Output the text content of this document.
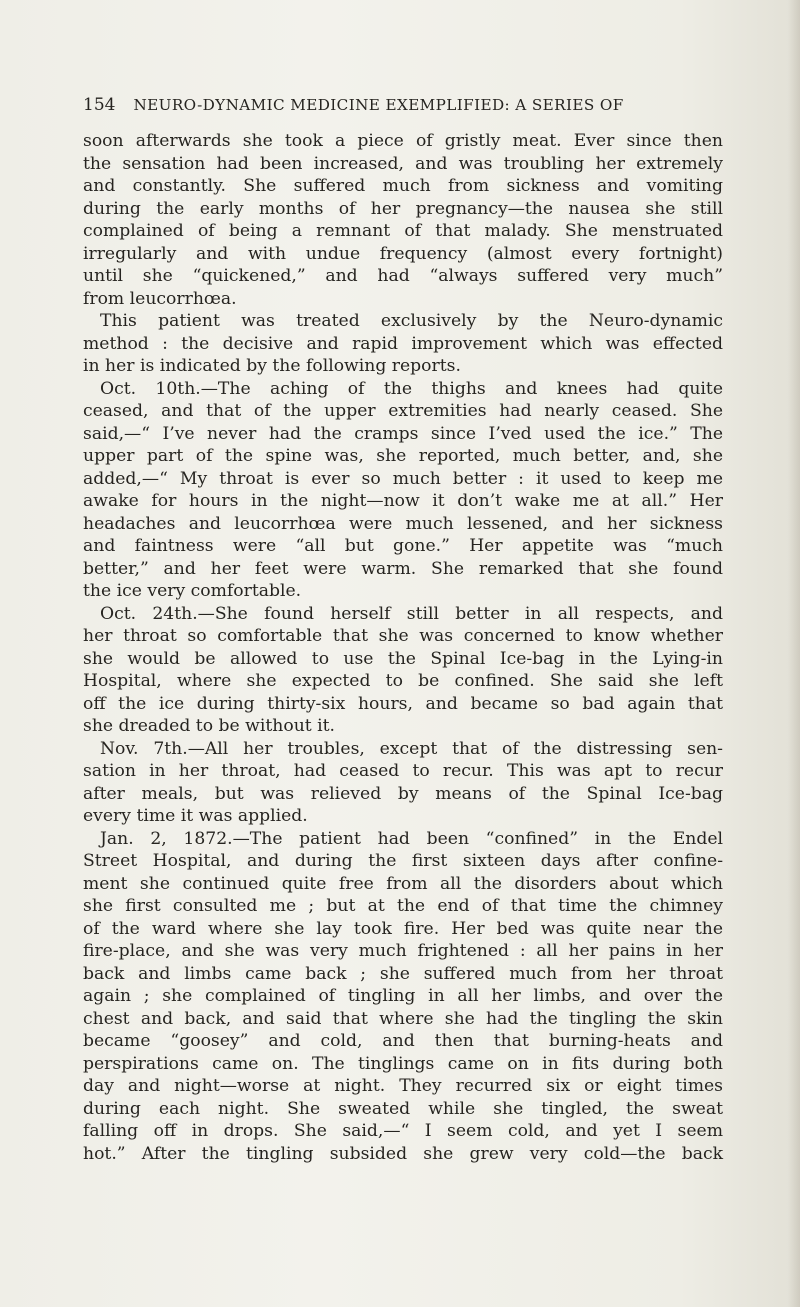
154 NEURO-DYNAMIC MEDICINE EXEMPLIFIED: A SERIES OF

soon afterwards she took a piece of gristly meat. Ever since then

the sensation had been increased, and was troubling her extremely

and constantly. She suffered much from sickness and vomiting

during the early months of her pregnancy—the nausea she still

complained of being a remnant of that malady. She menstruated

irregularly and with undue frequency (almost every fortnight)

until she “quickened,” and had “always suffered very much”

from leucorrhœa.

This patient was treated exclusively by the Neuro-dynamic

method : the decisive and rapid improvement which was effected

in her is indicated by the following reports.

Oct. 10th.—The aching of the thighs and knees had quite

ceased, and that of the upper extremities had nearly ceased. She

said,—“ I’ve never had the cramps since I’ved used the ice.” The

upper part of the spine was, she reported, much better, and, she

added,—“ My throat is ever so much better : it used to keep me

awake for hours in the night—now it don’t wake me at all.” Her

headaches and leucorrhœa were much lessened, and her sickness

and faintness were “all but gone.” Her appetite was “much

better,” and her feet were warm. She remarked that she found

the ice very comfortable.

Oct. 24th.—She found herself still better in all respects, and

her throat so comfortable that she was concerned to know whether

she would be allowed to use the Spinal Ice-bag in the Lying-in

Hospital, where she expected to be confined. She said she left

off the ice during thirty-six hours, and became so bad again that

she dreaded to be without it.

Nov. 7th.—All her troubles, except that of the distressing sen-

sation in her throat, had ceased to recur. This was apt to recur

after meals, but was relieved by means of the Spinal Ice-bag

every time it was applied.

Jan. 2, 1872.—The patient had been “confined” in the Endel

Street Hospital, and during the first sixteen days after confine-

ment she continued quite free from all the disorders about which

she first consulted me ; but at the end of that time the chimney

of the ward where she lay took fire. Her bed was quite near the

fire-place, and she was very much frightened : all her pains in her

back and limbs came back ; she suffered much from her throat

again ; she complained of tingling in all her limbs, and over the

chest and back, and said that where she had the tingling the skin

became “goosey” and cold, and then that burning-heats and

perspirations came on. The tinglings came on in fits during both

day and night—worse at night. They recurred six or eight times

during each night. She sweated while she tingled, the sweat

falling off in drops. She said,—“ I seem cold, and yet I seem

hot.” After the tingling subsided she grew very cold—the back
